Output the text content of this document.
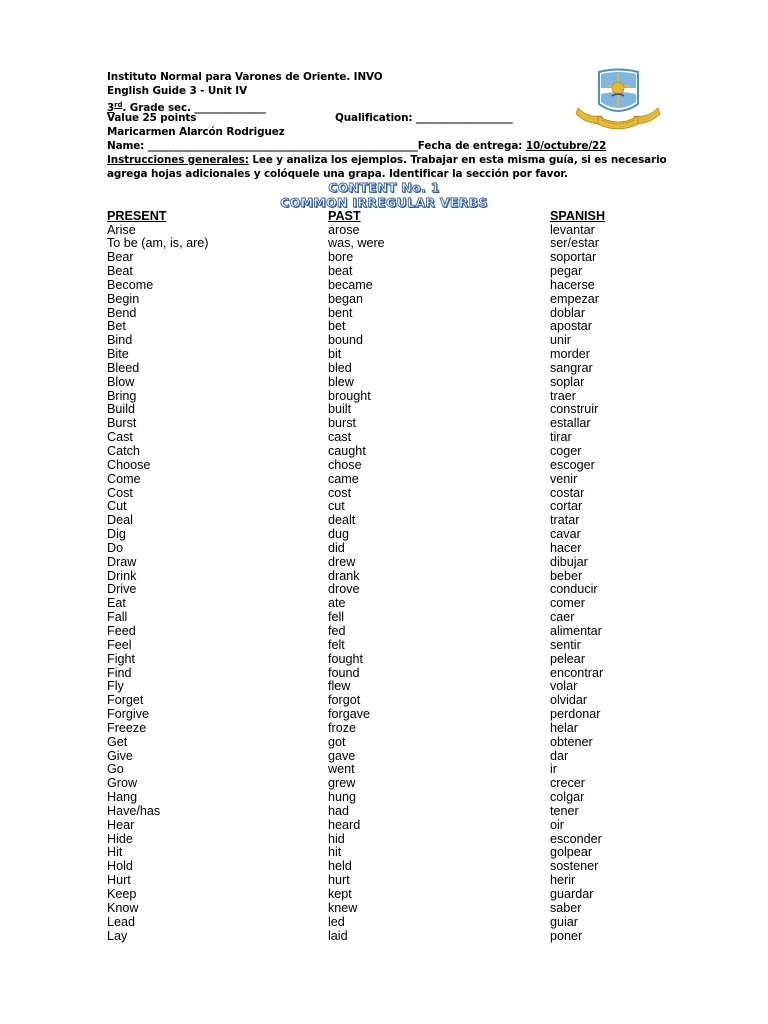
Instituto Normal para Varones de Oriente. INVO
English Guide 3 - Unit IV
3rd. Grade sec. ______________
Value 25 points	Qualification: ___________________
Maricarmen Alarcón Rodriguez
Name: _____________________________________________________Fecha de entrega: 10/octubre/22
Instrucciones generales: Lee y analiza los ejemplos. Trabajar en esta misma guía, si es necesario agrega hojas adicionales y colóquele una grapa. Identificar la sección por favor.
CONTENT No. 1
COMMON IRREGULAR VERBS
PRESENT	PAST	SPANISH
Arise	arose	levantar
To be (am, is, are)	was, were	ser/estar
Bear	bore	soportar
Beat	beat	pegar
Become	became	hacerse
Begin	began	empezar
Bend	bent	doblar
Bet	bet	apostar
Bind	bound	unir
Bite	bit	morder
Bleed	bled	sangrar
Blow	blew	soplar
Bring	brought	traer
Build	built	construir
Burst	burst	estallar
Cast	cast	tirar
Catch	caught	coger
Choose	chose	escoger
Come	came	venir
Cost	cost	costar
Cut	cut	cortar
Deal	dealt	tratar
Dig	dug	cavar
Do	did	hacer
Draw	drew	dibujar
Drink	drank	beber
Drive	drove	conducir
Eat	ate	comer
Fall	fell	caer
Feed	fed	alimentar
Feel	felt	sentir
Fight	fought	pelear
Find	found	encontrar
Fly	flew	volar
Forget	forgot	olvidar
Forgive	forgave	perdonar
Freeze	froze	helar
Get	got	obtener
Give	gave	dar
Go	went	ir
Grow	grew	crecer
Hang	hung	colgar
Have/has	had	tener
Hear	heard	oir
Hide	hid	esconder
Hit	hit	golpear
Hold	held	sostener
Hurt	hurt	herir
Keep	kept	guardar
Know	knew	saber
Lead	led	guiar
Lay	laid	poner
